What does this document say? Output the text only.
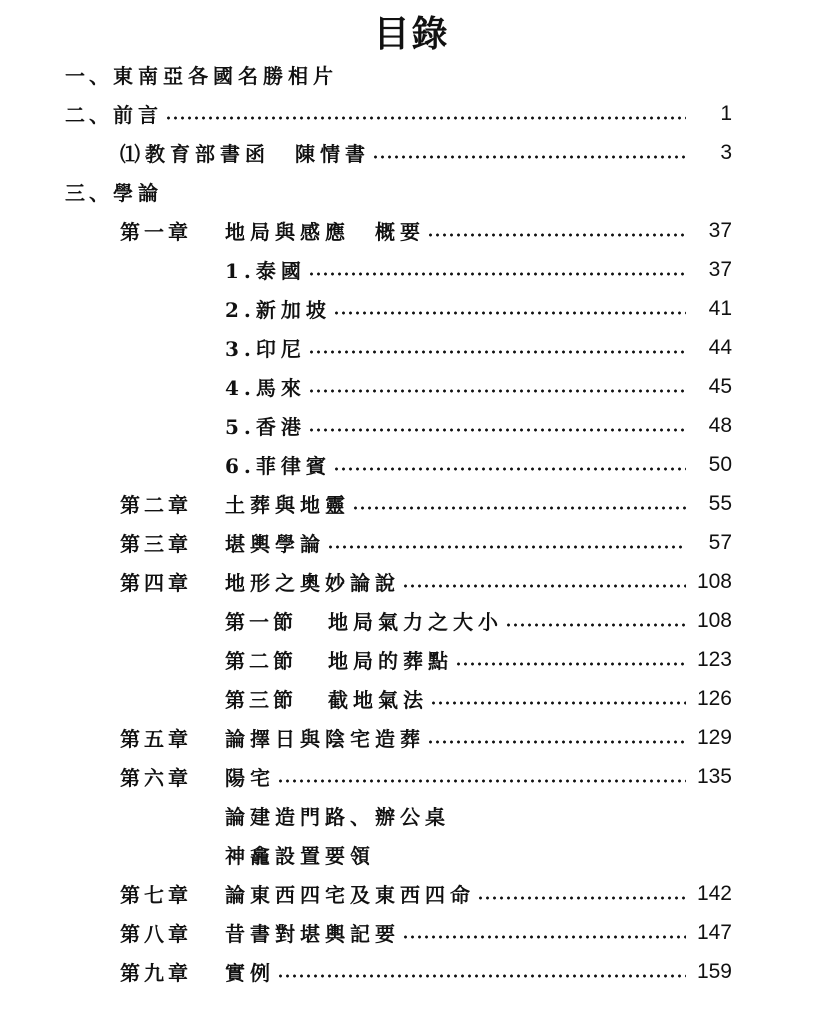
目錄
一、 東南亞各國名勝相片
二、 前言	1
⑴教育部書函　陳情書	3
三、 學論
第一章	地局與感應　概要	37
1.泰國	37
2.新加坡	41
3.印尼	44
4.馬來	45
5.香港	48
6.菲律賓	50
第二章	土葬與地靈	55
第三章	堪輿學論	57
第四章	地形之奧妙論說	108
第一節	地局氣力之大小	108
第二節	地局的葬點	123
第三節	截地氣法	126
第五章	論擇日與陰宅造葬	129
第六章	陽宅	135
論建造門路、辦公桌
神龕設置要領
第七章	論東西四宅及東西四命	142
第八章	昔書對堪輿記要	147
第九章	實例	159
